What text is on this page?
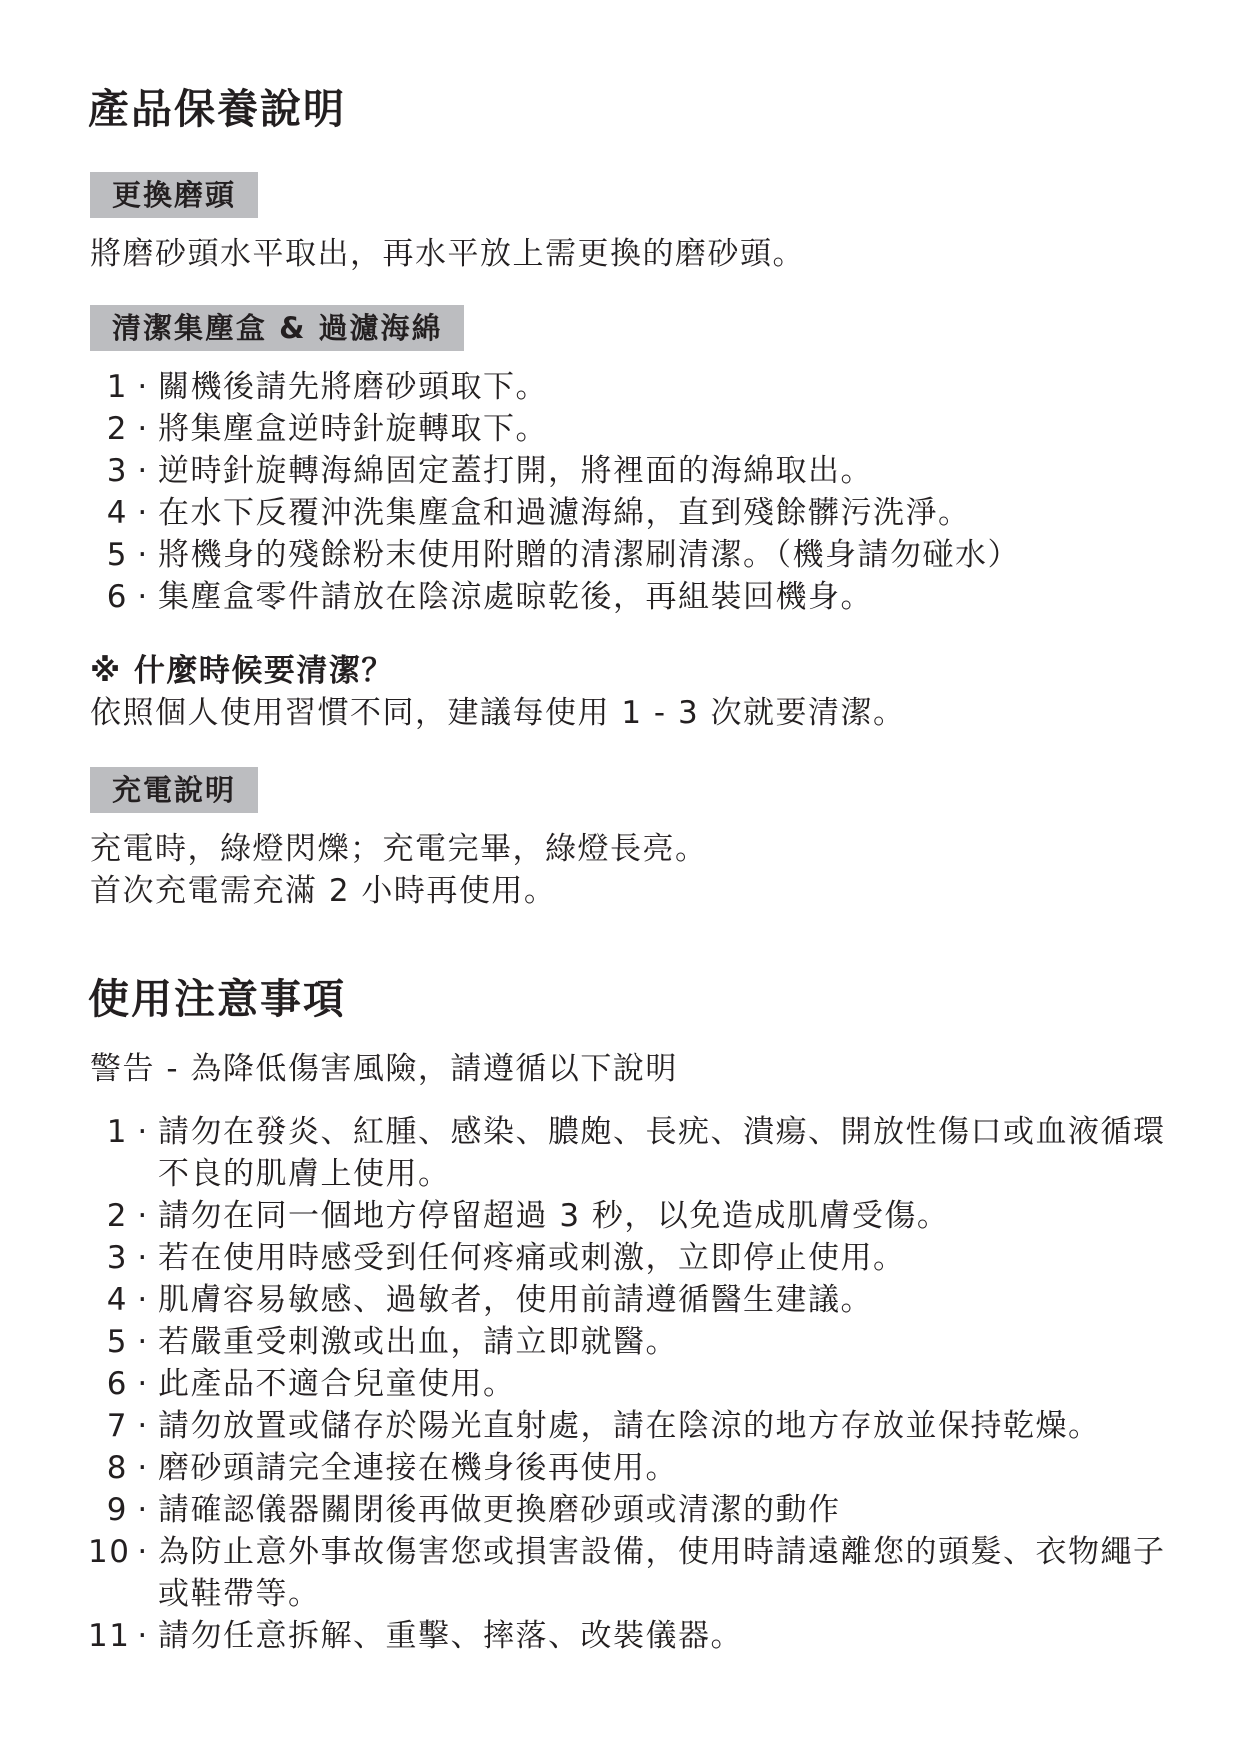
產品保養說明
更換磨頭

將磨砂頭水平取出，再水平放上需更換的磨砂頭。

清潔集塵盒 & 過濾海綿
1 · 關機後請先將磨砂頭取下。
2 · 將集塵盒逆時針旋轉取下。
3 · 逆時針旋轉海綿固定蓋打開，將裡面的海綿取出。
4 · 在水下反覆沖洗集塵盒和過濾海綿，直到殘餘髒污洗淨。
5 · 將機身的殘餘粉末使用附贈的清潔刷清潔。（機身請勿碰水）
6 · 集塵盒零件請放在陰涼處晾乾後，再組裝回機身。

※ 什麼時候要清潔？

依照個人使用習慣不同，建議每使用 1 - 3 次就要清潔。

充電說明

充電時，綠燈閃爍；充電完畢，綠燈長亮。

首次充電需充滿 2 小時再使用。

使用注意事項

警告 - 為降低傷害風險，請遵循以下說明

1 · 請勿在發炎、紅腫、感染、膿皰、長疣、潰瘍、開放性傷口或血液循環不良的肌膚上使用。
2 · 請勿在同一個地方停留超過 3 秒，以免造成肌膚受傷。
3 · 若在使用時感受到任何疼痛或刺激，立即停止使用。
4 · 肌膚容易敏感、過敏者，使用前請遵循醫生建議。
5 · 若嚴重受刺激或出血，請立即就醫。
6 · 此產品不適合兒童使用。
7 · 請勿放置或儲存於陽光直射處，請在陰涼的地方存放並保持乾燥。
8 · 磨砂頭請完全連接在機身後再使用。
9 · 請確認儀器關閉後再做更換磨砂頭或清潔的動作
10 · 為防止意外事故傷害您或損害設備，使用時請遠離您的頭髮、衣物繩子或鞋帶等。
11 · 請勿任意拆解、重擊、摔落、改裝儀器。
